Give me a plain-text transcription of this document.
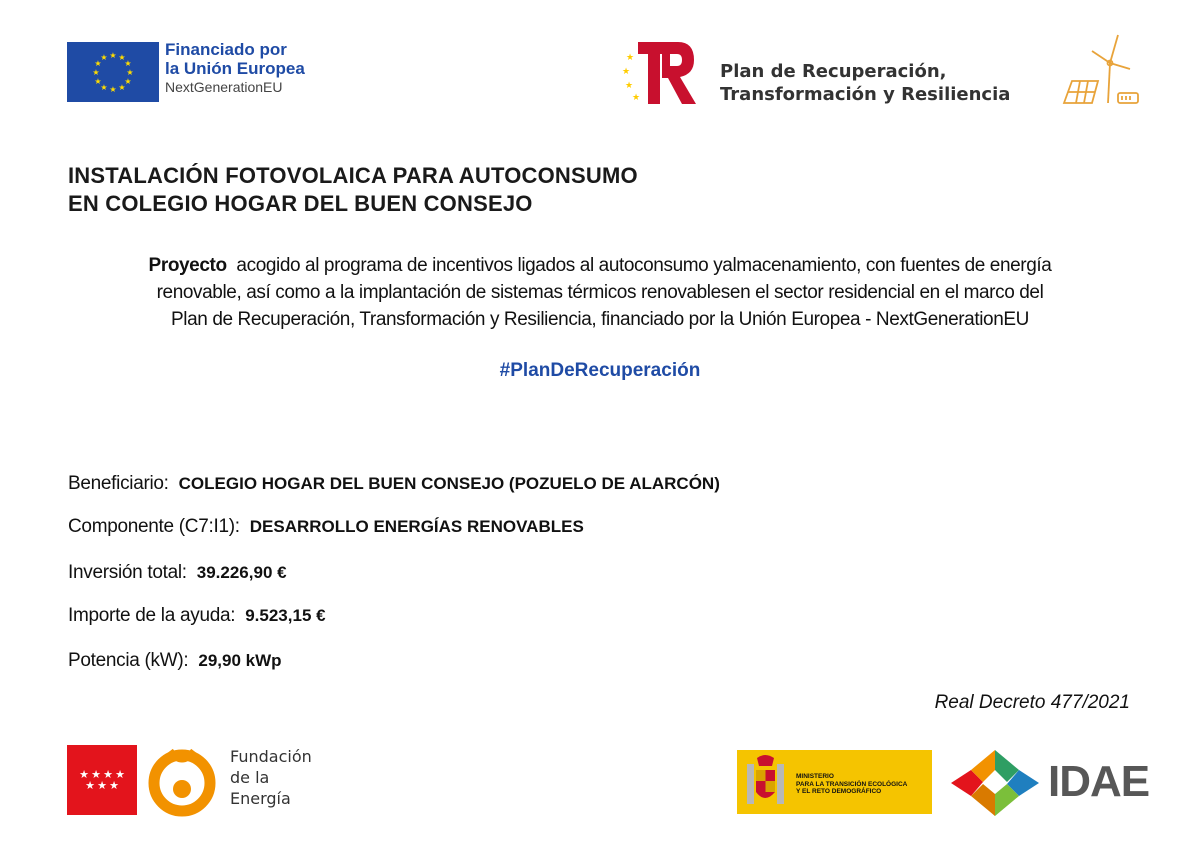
★ ★
★
★
★
★
★
★
★
★
★
★	Financiado por
la Unión Europea
NextGenerationEU
★
★
★
★
Plan de Recuperación,
Transformación y Resiliencia
INSTALACIÓN FOTOVOLAICA PARA AUTOCONSUMO
EN COLEGIO HOGAR DEL BUEN CONSEJO
Proyecto acogido al programa de incentivos ligados al autoconsumo yalmacenamiento, con fuentes de energía
renovable, así como a la implantación de sistemas térmicos renovablesen el sector residencial en el marco del
Plan de Recuperación, Transformación y Resiliencia, financiado por la Unión Europea - NextGenerationEU
#PlanDeRecuperación
Beneficiario: COLEGIO HOGAR DEL BUEN CONSEJO (POZUELO DE ALARCÓN)
Componente (C7:I1): DESARROLLO ENERGÍAS RENOVABLES
Inversión total: 39.226,90 €
Importe de la ayuda: 9.523,15 €
Potencia (kW): 29,90 kWp
Real Decreto 477/2021
★ ★ ★ ★
★ ★ ★
Fundación
de la
Energía
MINISTERIO
PARA LA TRANSICIÓN ECOLÓGICA
Y EL RETO DEMOGRÁFICO	IDAE
